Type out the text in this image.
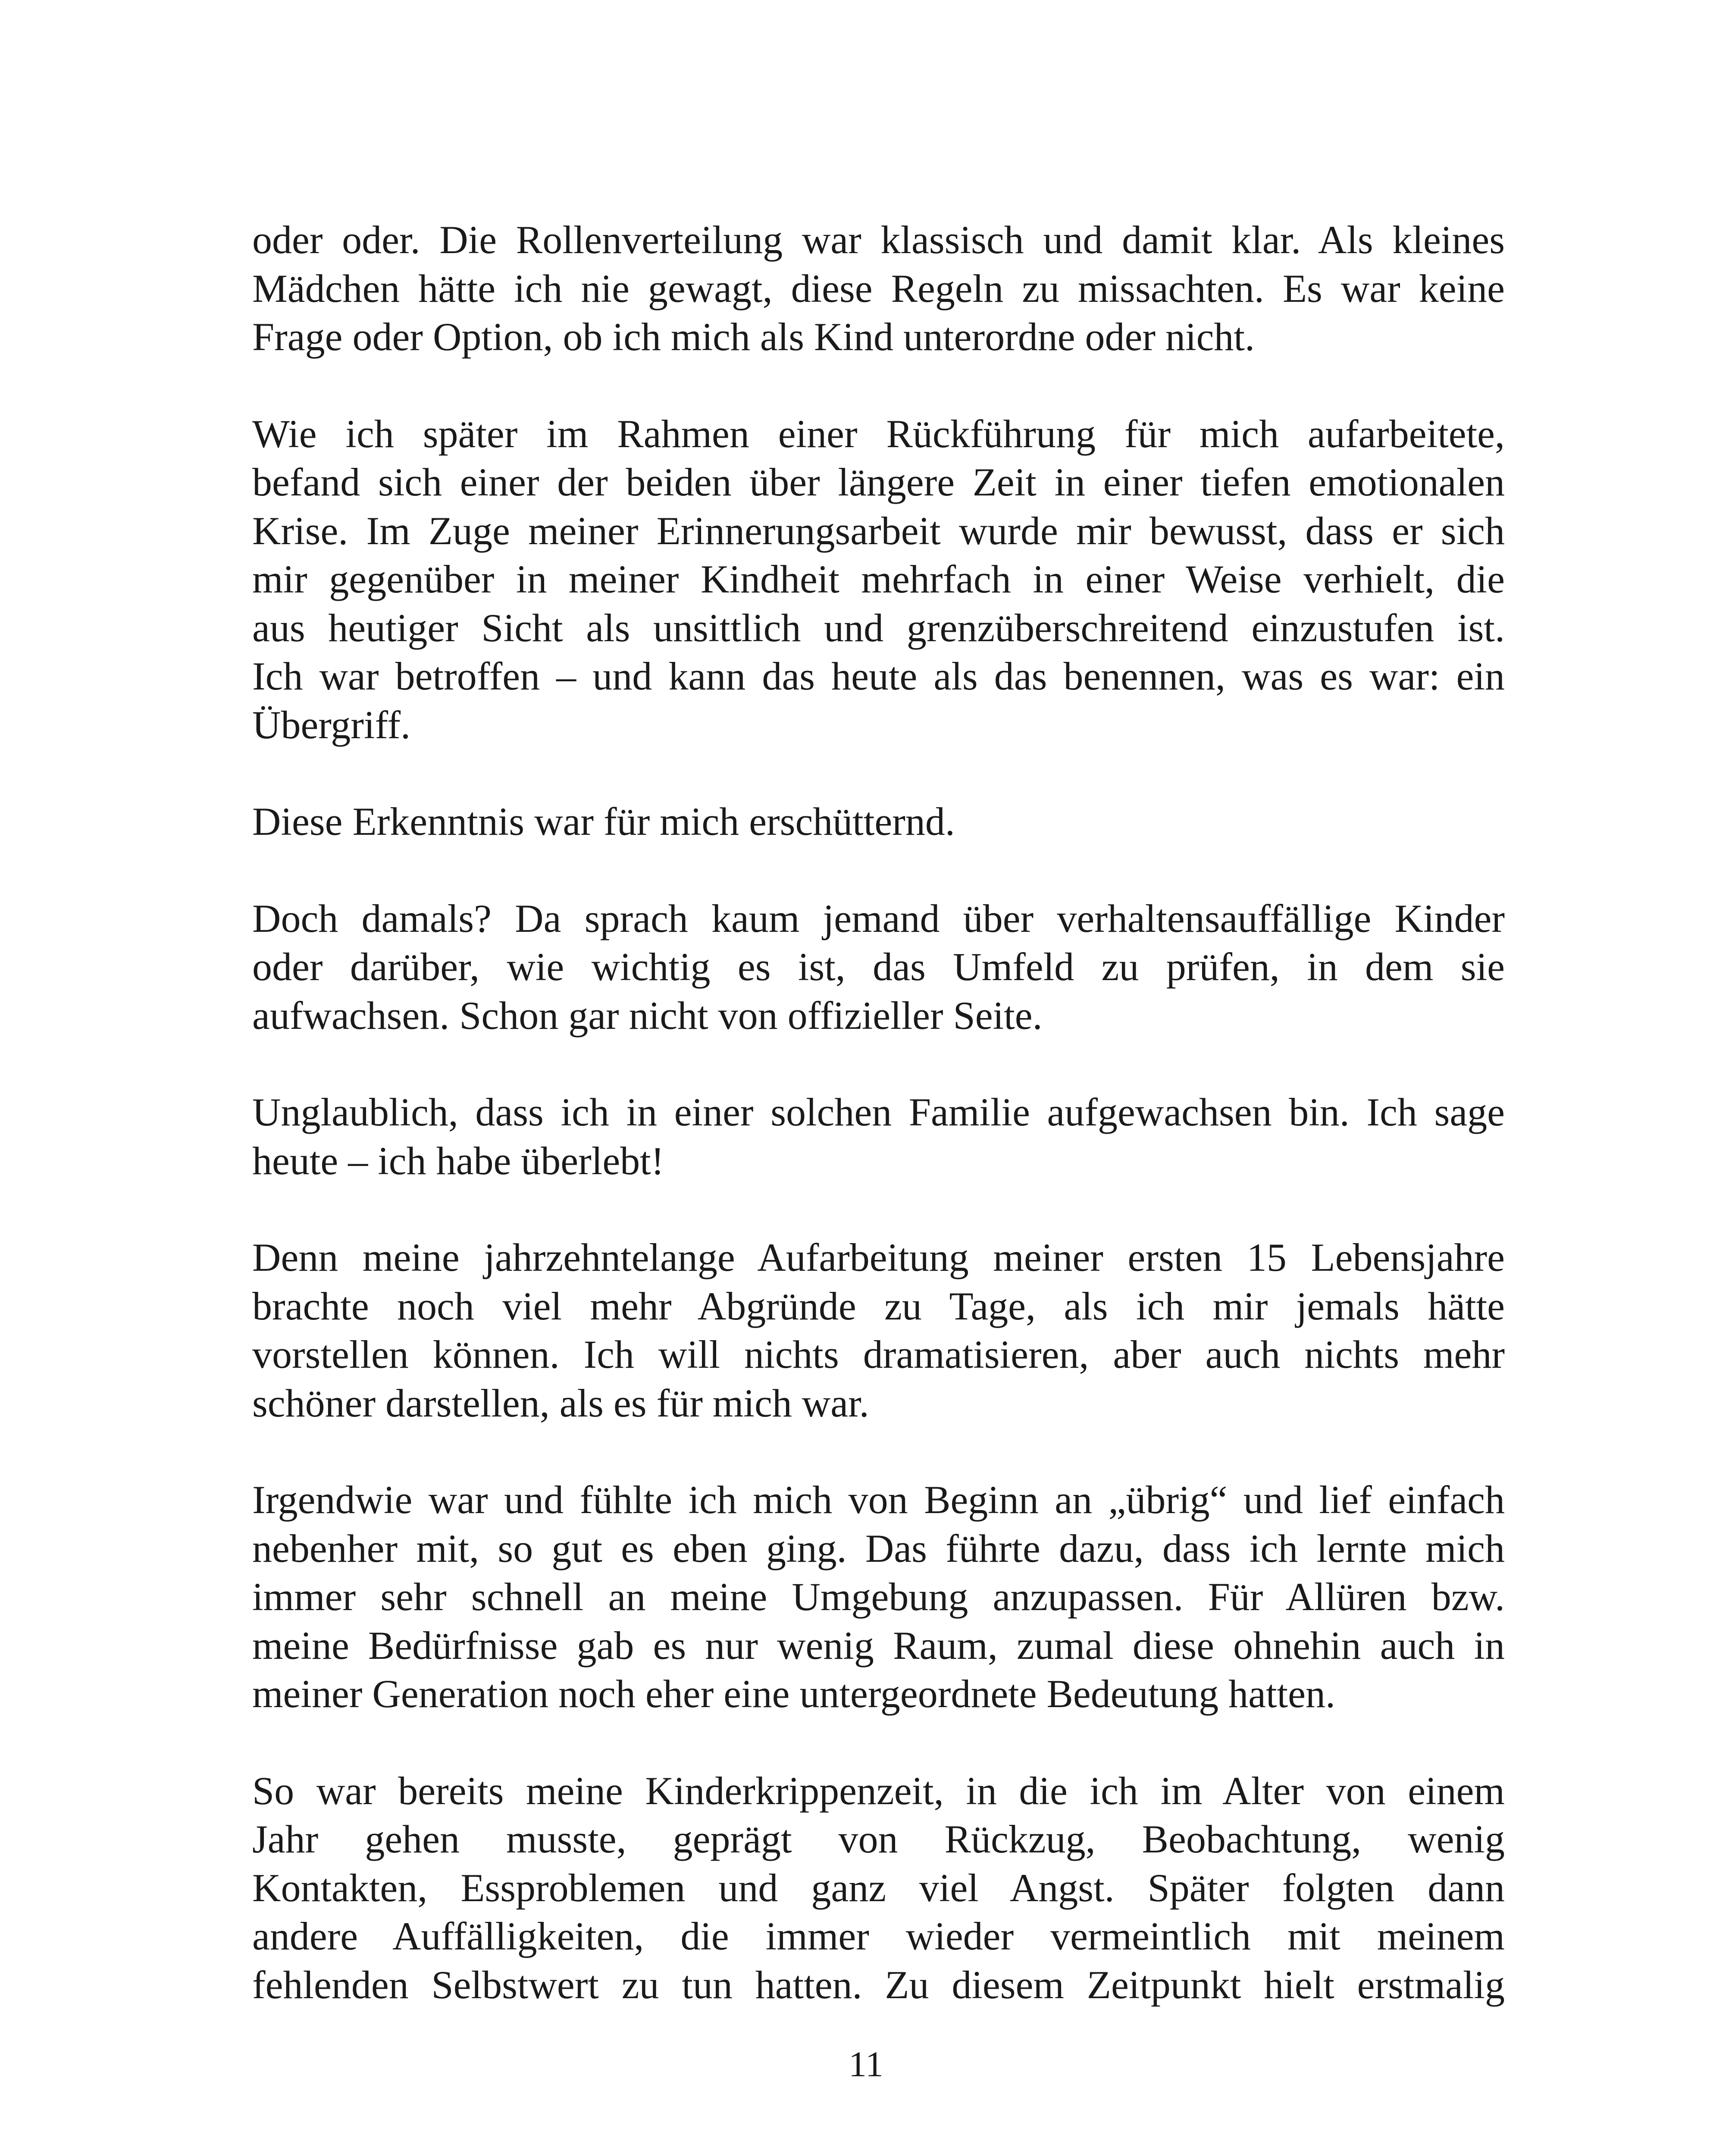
oder oder. Die Rollenverteilung war klassisch und damit klar. Als kleines
Mädchen hätte ich nie gewagt, diese Regeln zu missachten. Es war keine
Frage oder Option, ob ich mich als Kind unterordne oder nicht.

Wie ich später im Rahmen einer Rückführung für mich aufarbeitete,
befand sich einer der beiden über längere Zeit in einer tiefen emotionalen
Krise. Im Zuge meiner Erinnerungsarbeit wurde mir bewusst, dass er sich
mir gegenüber in meiner Kindheit mehrfach in einer Weise verhielt, die
aus heutiger Sicht als unsittlich und grenzüberschreitend einzustufen ist.
Ich war betroffen – und kann das heute als das benennen, was es war: ein
Übergriff.

Diese Erkenntnis war für mich erschütternd.

Doch damals? Da sprach kaum jemand über verhaltensauffällige Kinder
oder darüber, wie wichtig es ist, das Umfeld zu prüfen, in dem sie
aufwachsen. Schon gar nicht von offizieller Seite.

Unglaublich, dass ich in einer solchen Familie aufgewachsen bin. Ich sage
heute – ich habe überlebt!

Denn meine jahrzehntelange Aufarbeitung meiner ersten 15 Lebensjahre
brachte noch viel mehr Abgründe zu Tage, als ich mir jemals hätte
vorstellen können. Ich will nichts dramatisieren, aber auch nichts mehr
schöner darstellen, als es für mich war.

Irgendwie war und fühlte ich mich von Beginn an „übrig“ und lief einfach
nebenher mit, so gut es eben ging. Das führte dazu, dass ich lernte mich
immer sehr schnell an meine Umgebung anzupassen. Für Allüren bzw.
meine Bedürfnisse gab es nur wenig Raum, zumal diese ohnehin auch in
meiner Generation noch eher eine untergeordnete Bedeutung hatten.

So war bereits meine Kinderkrippenzeit, in die ich im Alter von einem
Jahr gehen musste, geprägt von Rückzug, Beobachtung, wenig
Kontakten, Essproblemen und ganz viel Angst. Später folgten dann
andere Auffälligkeiten, die immer wieder vermeintlich mit meinem
fehlenden Selbstwert zu tun hatten. Zu diesem Zeitpunkt hielt erstmalig

11
